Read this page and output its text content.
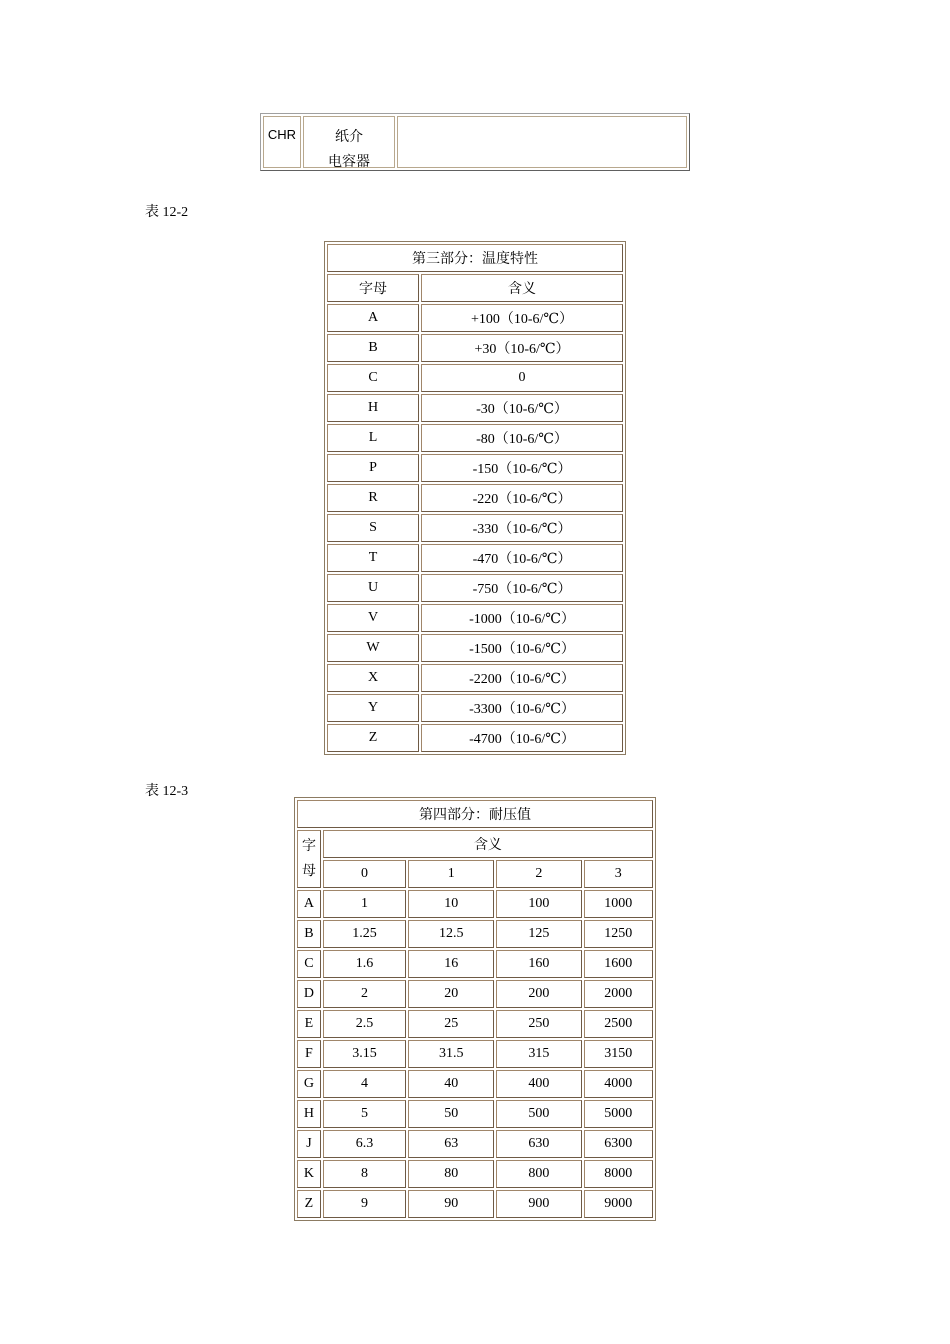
CHR	纸介
电容器
表 12-2
第三部分：温度特性	
字母	含义
A	+100（10-6/℃）
B	+30（10-6/℃）
C	0
H	-30（10-6/℃）
L	-80（10-6/℃）
P	-150（10-6/℃）
R	-220（10-6/℃）
S	-330（10-6/℃）
T	-470（10-6/℃）
U	-750（10-6/℃）
V	-1000（10-6/℃）
W	-1500（10-6/℃）
X	-2200（10-6/℃）
Y	-3300（10-6/℃）
Z	-4700（10-6/℃）
表 12-3
第四部分：耐压值				

字
母	含义			
	0	1	2	3
A	1	10	100	1000
B	1.25	12.5	125	1250
C	1.6	16	160	1600
D	2	20	200	2000
E	2.5	25	250	2500
F	3.15	31.5	315	3150
G	4	40	400	4000
H	5	50	500	5000
J	6.3	63	630	6300
K	8	80	800	8000
Z	9	90	900	9000
